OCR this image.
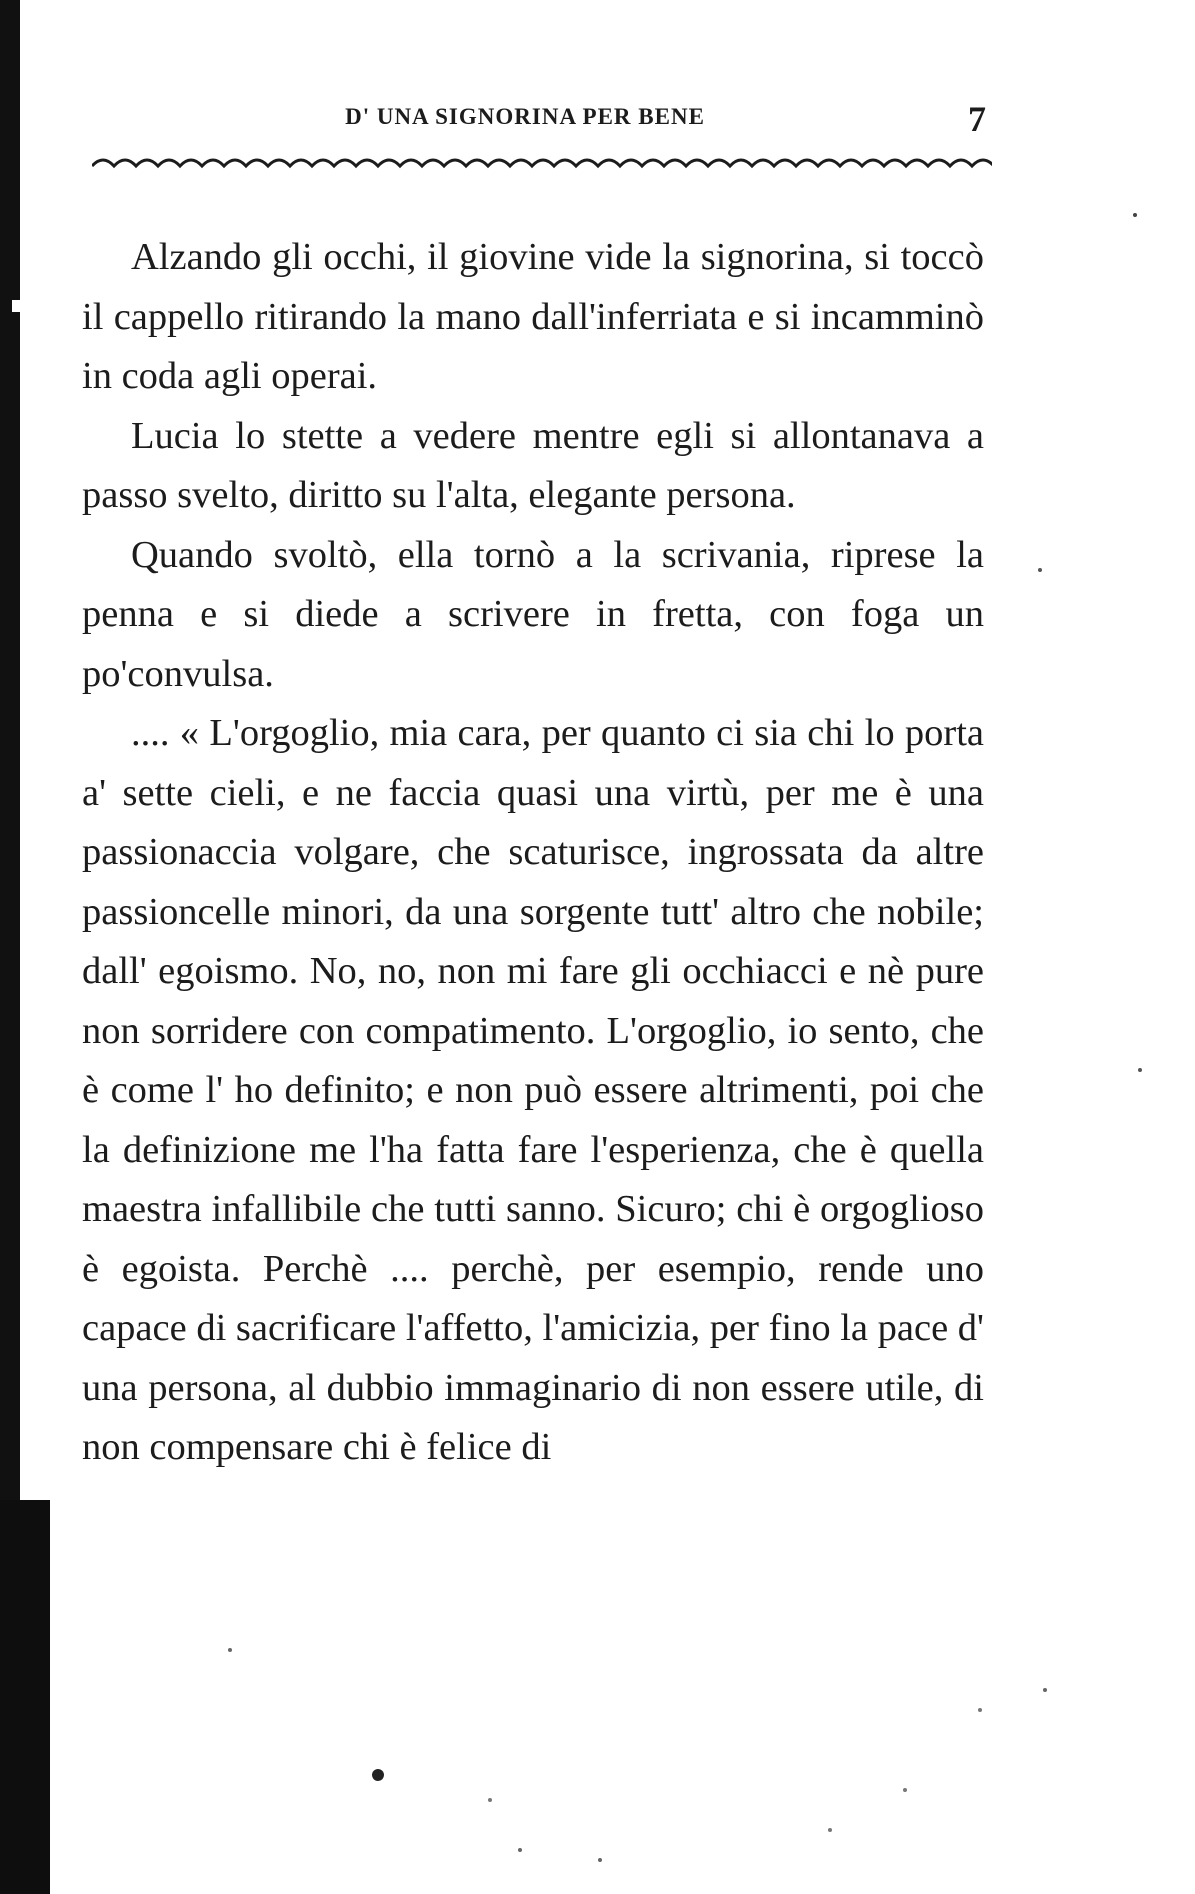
D' UNA SIGNORINA PER BENE	7

Alzando gli occhi, il giovine vide la signorina, si toccò il cappello ritirando la mano dall'inferriata e si incamminò in coda agli operai.

Lucia lo stette a vedere mentre egli si allontanava a passo svelto, diritto su l'alta, elegante persona.

Quando svoltò, ella tornò a la scrivania, riprese la penna e si diede a scrivere in fretta, con foga un po'convulsa.

.... « L'orgoglio, mia cara, per quanto ci sia chi lo porta a' sette cieli, e ne faccia quasi una virtù, per me è una passionaccia volgare, che scaturisce, ingrossata da altre passioncelle minori, da una sorgente tutt' altro che nobile; dall' egoismo. No, no, non mi fare gli occhiacci e nè pure non sorridere con compatimento. L'orgoglio, io sento, che è come l' ho definito; e non può essere altrimenti, poi che la definizione me l'ha fatta fare l'esperienza, che è quella maestra infallibile che tutti sanno. Sicuro; chi è orgoglioso è egoista. Perchè .... perchè, per esempio, rende uno capace di sacrificare l'affetto, l'amicizia, per fino la pace d' una persona, al dubbio immaginario di non essere utile, di non compensare chi è felice di
